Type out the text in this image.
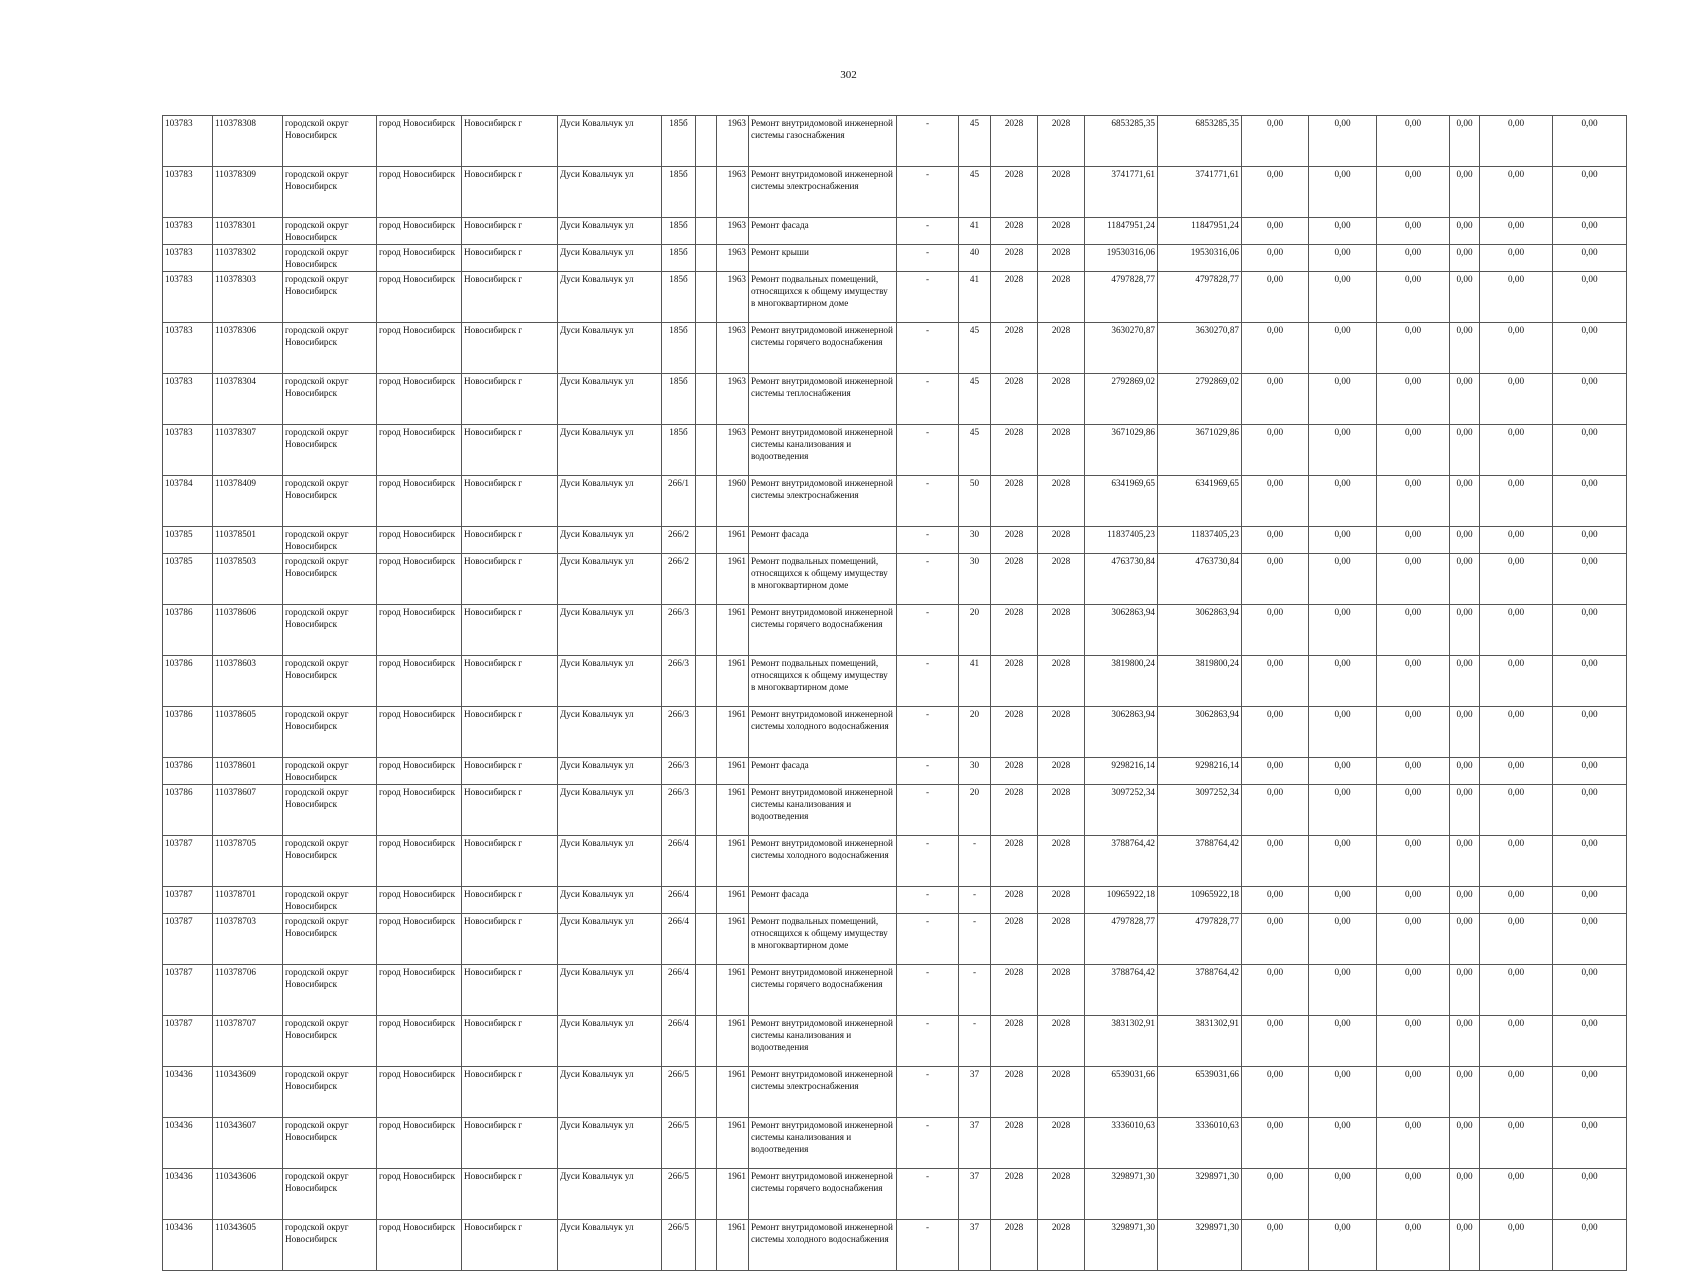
302
103783	110378308	городской округ Новосибирск	город Новосибирск	Новосибирск г	Дуси Ковальчук ул	185б		1963	Ремонт внутридомовой инженерной системы газоснабжения	-	45	2028	2028	6853285,35	6853285,35	0,00	0,00	0,00	0,00	0,00	0,00
103783	110378309	городской округ Новосибирск	город Новосибирск	Новосибирск г	Дуси Ковальчук ул	185б		1963	Ремонт внутридомовой инженерной системы электроснабжения	-	45	2028	2028	3741771,61	3741771,61	0,00	0,00	0,00	0,00	0,00	0,00
103783	110378301	городской округ Новосибирск	город Новосибирск	Новосибирск г	Дуси Ковальчук ул	185б		1963	Ремонт фасада	-	41	2028	2028	11847951,24	11847951,24	0,00	0,00	0,00	0,00	0,00	0,00
103783	110378302	городской округ Новосибирск	город Новосибирск	Новосибирск г	Дуси Ковальчук ул	185б		1963	Ремонт крыши	-	40	2028	2028	19530316,06	19530316,06	0,00	0,00	0,00	0,00	0,00	0,00
103783	110378303	городской округ Новосибирск	город Новосибирск	Новосибирск г	Дуси Ковальчук ул	185б		1963	Ремонт подвальных помещений, относящихся к общему имуществу в многоквартирном доме	-	41	2028	2028	4797828,77	4797828,77	0,00	0,00	0,00	0,00	0,00	0,00
103783	110378306	городской округ Новосибирск	город Новосибирск	Новосибирск г	Дуси Ковальчук ул	185б		1963	Ремонт внутридомовой инженерной системы горячего водоснабжения	-	45	2028	2028	3630270,87	3630270,87	0,00	0,00	0,00	0,00	0,00	0,00
103783	110378304	городской округ Новосибирск	город Новосибирск	Новосибирск г	Дуси Ковальчук ул	185б		1963	Ремонт внутридомовой инженерной системы теплоснабжения	-	45	2028	2028	2792869,02	2792869,02	0,00	0,00	0,00	0,00	0,00	0,00
103783	110378307	городской округ Новосибирск	город Новосибирск	Новосибирск г	Дуси Ковальчук ул	185б		1963	Ремонт внутридомовой инженерной системы канализования и водоотведения	-	45	2028	2028	3671029,86	3671029,86	0,00	0,00	0,00	0,00	0,00	0,00
103784	110378409	городской округ Новосибирск	город Новосибирск	Новосибирск г	Дуси Ковальчук ул	266/1		1960	Ремонт внутридомовой инженерной системы электроснабжения	-	50	2028	2028	6341969,65	6341969,65	0,00	0,00	0,00	0,00	0,00	0,00
103785	110378501	городской округ Новосибирск	город Новосибирск	Новосибирск г	Дуси Ковальчук ул	266/2		1961	Ремонт фасада	-	30	2028	2028	11837405,23	11837405,23	0,00	0,00	0,00	0,00	0,00	0,00
103785	110378503	городской округ Новосибирск	город Новосибирск	Новосибирск г	Дуси Ковальчук ул	266/2		1961	Ремонт подвальных помещений, относящихся к общему имуществу в многоквартирном доме	-	30	2028	2028	4763730,84	4763730,84	0,00	0,00	0,00	0,00	0,00	0,00
103786	110378606	городской округ Новосибирск	город Новосибирск	Новосибирск г	Дуси Ковальчук ул	266/3		1961	Ремонт внутридомовой инженерной системы горячего водоснабжения	-	20	2028	2028	3062863,94	3062863,94	0,00	0,00	0,00	0,00	0,00	0,00
103786	110378603	городской округ Новосибирск	город Новосибирск	Новосибирск г	Дуси Ковальчук ул	266/3		1961	Ремонт подвальных помещений, относящихся к общему имуществу в многоквартирном доме	-	41	2028	2028	3819800,24	3819800,24	0,00	0,00	0,00	0,00	0,00	0,00
103786	110378605	городской округ Новосибирск	город Новосибирск	Новосибирск г	Дуси Ковальчук ул	266/3		1961	Ремонт внутридомовой инженерной системы холодного водоснабжения	-	20	2028	2028	3062863,94	3062863,94	0,00	0,00	0,00	0,00	0,00	0,00
103786	110378601	городской округ Новосибирск	город Новосибирск	Новосибирск г	Дуси Ковальчук ул	266/3		1961	Ремонт фасада	-	30	2028	2028	9298216,14	9298216,14	0,00	0,00	0,00	0,00	0,00	0,00
103786	110378607	городской округ Новосибирск	город Новосибирск	Новосибирск г	Дуси Ковальчук ул	266/3		1961	Ремонт внутридомовой инженерной системы канализования и водоотведения	-	20	2028	2028	3097252,34	3097252,34	0,00	0,00	0,00	0,00	0,00	0,00
103787	110378705	городской округ Новосибирск	город Новосибирск	Новосибирск г	Дуси Ковальчук ул	266/4		1961	Ремонт внутридомовой инженерной системы холодного водоснабжения	-	-	2028	2028	3788764,42	3788764,42	0,00	0,00	0,00	0,00	0,00	0,00
103787	110378701	городской округ Новосибирск	город Новосибирск	Новосибирск г	Дуси Ковальчук ул	266/4		1961	Ремонт фасада	-	-	2028	2028	10965922,18	10965922,18	0,00	0,00	0,00	0,00	0,00	0,00
103787	110378703	городской округ Новосибирск	город Новосибирск	Новосибирск г	Дуси Ковальчук ул	266/4		1961	Ремонт подвальных помещений, относящихся к общему имуществу в многоквартирном доме	-	-	2028	2028	4797828,77	4797828,77	0,00	0,00	0,00	0,00	0,00	0,00
103787	110378706	городской округ Новосибирск	город Новосибирск	Новосибирск г	Дуси Ковальчук ул	266/4		1961	Ремонт внутридомовой инженерной системы горячего водоснабжения	-	-	2028	2028	3788764,42	3788764,42	0,00	0,00	0,00	0,00	0,00	0,00
103787	110378707	городской округ Новосибирск	город Новосибирск	Новосибирск г	Дуси Ковальчук ул	266/4		1961	Ремонт внутридомовой инженерной системы канализования и водоотведения	-	-	2028	2028	3831302,91	3831302,91	0,00	0,00	0,00	0,00	0,00	0,00
103436	110343609	городской округ Новосибирск	город Новосибирск	Новосибирск г	Дуси Ковальчук ул	266/5		1961	Ремонт внутридомовой инженерной системы электроснабжения	-	37	2028	2028	6539031,66	6539031,66	0,00	0,00	0,00	0,00	0,00	0,00
103436	110343607	городской округ Новосибирск	город Новосибирск	Новосибирск г	Дуси Ковальчук ул	266/5		1961	Ремонт внутридомовой инженерной системы канализования и водоотведения	-	37	2028	2028	3336010,63	3336010,63	0,00	0,00	0,00	0,00	0,00	0,00
103436	110343606	городской округ Новосибирск	город Новосибирск	Новосибирск г	Дуси Ковальчук ул	266/5		1961	Ремонт внутридомовой инженерной системы горячего водоснабжения	-	37	2028	2028	3298971,30	3298971,30	0,00	0,00	0,00	0,00	0,00	0,00
103436	110343605	городской округ Новосибирск	город Новосибирск	Новосибирск г	Дуси Ковальчук ул	266/5		1961	Ремонт внутридомовой инженерной системы холодного водоснабжения	-	37	2028	2028	3298971,30	3298971,30	0,00	0,00	0,00	0,00	0,00	0,00
